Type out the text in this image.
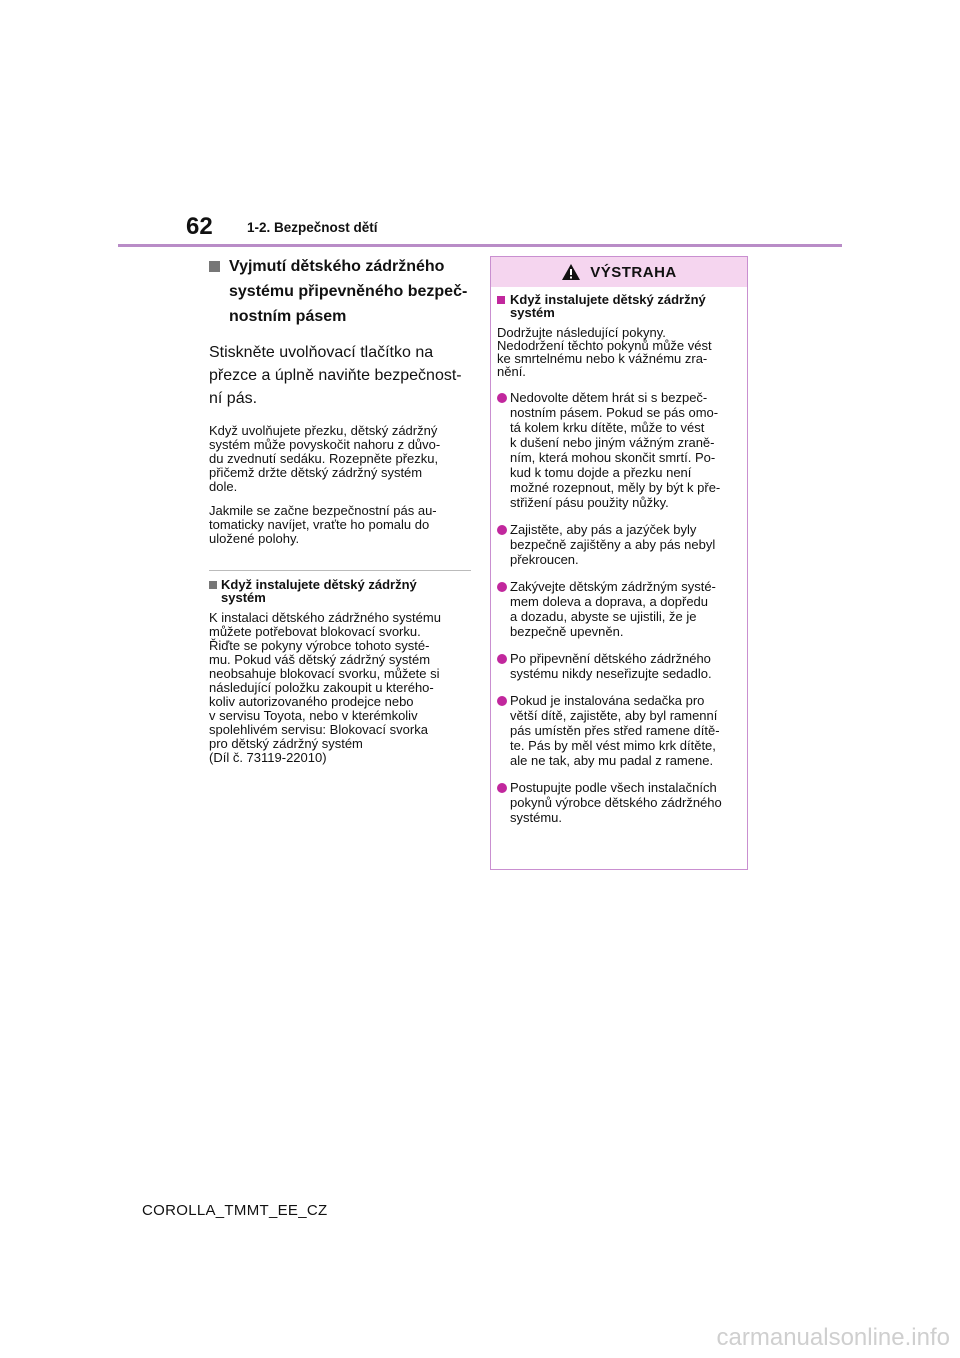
62	1-2. Bezpečnost dětí
Vyjmutí dětského zádržného
systému připevněného bezpeč-
nostním pásem
Stiskněte uvolňovací tlačítko na
přezce a úplně naviňte bezpečnost-
ní pás.
Když uvolňujete přezku, dětský zádržný
systém může povyskočit nahoru z důvo-
du zvednutí sedáku. Rozepněte přezku,
přičemž držte dětský zádržný systém
dole.
Jakmile se začne bezpečnostní pás au-
tomaticky navíjet, vraťte ho pomalu do
uložené polohy.
Když instalujete dětský zádržný
systém
K instalaci dětského zádržného systému
můžete potřebovat blokovací svorku.
Řiďte se pokyny výrobce tohoto systé-
mu. Pokud váš dětský zádržný systém
neobsahuje blokovací svorku, můžete si
následující položku zakoupit u kterého-
koliv autorizovaného prodejce nebo
v servisu Toyota, nebo v kterémkoliv
spolehlivém servisu: Blokovací svorka
pro dětský zádržný systém
(Díl č. 73119-22010)
VÝSTRAHA
Když instalujete dětský zádržný
systém
Dodržujte následující pokyny.
Nedodržení těchto pokynů může vést
ke smrtelnému nebo k vážnému zra-
nění.
Nedovolte dětem hrát si s bezpeč-
nostním pásem. Pokud se pás omo-
tá kolem krku dítěte, může to vést
k dušení nebo jiným vážným zraně-
ním, která mohou skončit smrtí. Po-
kud k tomu dojde a přezku není
možné rozepnout, měly by být k pře-
střižení pásu použity nůžky.
Zajistěte, aby pás a jazýček byly
bezpečně zajištěny a aby pás nebyl
překroucen.
Zakývejte dětským zádržným systé-
mem doleva a doprava, a dopředu
a dozadu, abyste se ujistili, že je
bezpečně upevněn.
Po připevnění dětského zádržného
systému nikdy neseřizujte sedadlo.
Pokud je instalována sedačka pro
větší dítě, zajistěte, aby byl ramenní
pás umístěn přes střed ramene dítě-
te. Pás by měl vést mimo krk dítěte,
ale ne tak, aby mu padal z ramene.
Postupujte podle všech instalačních
pokynů výrobce dětského zádržného
systému.
COROLLA_TMMT_EE_CZ
carmanualsonline.info
